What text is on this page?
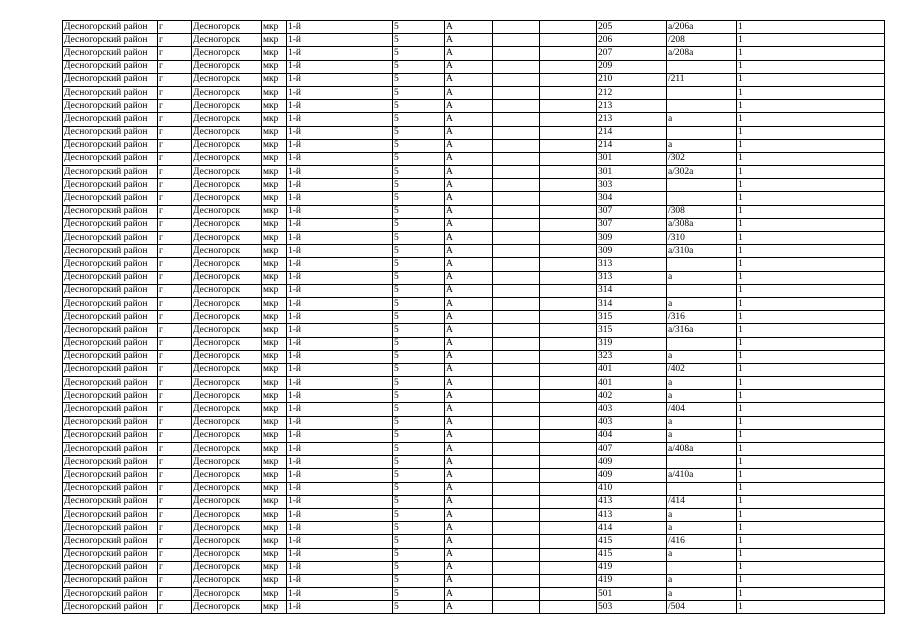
Десногорский район	г	Десногорск	мкр	1-й	5	А			205	а/206а	1
Десногорский район	г	Десногорск	мкр	1-й	5	А			206	/208	1
Десногорский район	г	Десногорск	мкр	1-й	5	А			207	а/208а	1
Десногорский район	г	Десногорск	мкр	1-й	5	А			209		1
Десногорский район	г	Десногорск	мкр	1-й	5	А			210	/211	1
Десногорский район	г	Десногорск	мкр	1-й	5	А			212		1
Десногорский район	г	Десногорск	мкр	1-й	5	А			213		1
Десногорский район	г	Десногорск	мкр	1-й	5	А			213	а	1
Десногорский район	г	Десногорск	мкр	1-й	5	А			214		1
Десногорский район	г	Десногорск	мкр	1-й	5	А			214	а	1
Десногорский район	г	Десногорск	мкр	1-й	5	А			301	/302	1
Десногорский район	г	Десногорск	мкр	1-й	5	А			301	а/302а	1
Десногорский район	г	Десногорск	мкр	1-й	5	А			303		1
Десногорский район	г	Десногорск	мкр	1-й	5	А			304		1
Десногорский район	г	Десногорск	мкр	1-й	5	А			307	/308	1
Десногорский район	г	Десногорск	мкр	1-й	5	А			307	а/308а	1
Десногорский район	г	Десногорск	мкр	1-й	5	А			309	/310	1
Десногорский район	г	Десногорск	мкр	1-й	5	А			309	а/310а	1
Десногорский район	г	Десногорск	мкр	1-й	5	А			313		1
Десногорский район	г	Десногорск	мкр	1-й	5	А			313	а	1
Десногорский район	г	Десногорск	мкр	1-й	5	А			314		1
Десногорский район	г	Десногорск	мкр	1-й	5	А			314	а	1
Десногорский район	г	Десногорск	мкр	1-й	5	А			315	/316	1
Десногорский район	г	Десногорск	мкр	1-й	5	А			315	а/316а	1
Десногорский район	г	Десногорск	мкр	1-й	5	А			319		1
Десногорский район	г	Десногорск	мкр	1-й	5	А			323	а	1
Десногорский район	г	Десногорск	мкр	1-й	5	А			401	/402	1
Десногорский район	г	Десногорск	мкр	1-й	5	А			401	а	1
Десногорский район	г	Десногорск	мкр	1-й	5	А			402	а	1
Десногорский район	г	Десногорск	мкр	1-й	5	А			403	/404	1
Десногорский район	г	Десногорск	мкр	1-й	5	А			403	а	1
Десногорский район	г	Десногорск	мкр	1-й	5	А			404	а	1
Десногорский район	г	Десногорск	мкр	1-й	5	А			407	а/408а	1
Десногорский район	г	Десногорск	мкр	1-й	5	А			409		1
Десногорский район	г	Десногорск	мкр	1-й	5	А			409	а/410а	1
Десногорский район	г	Десногорск	мкр	1-й	5	А			410		1
Десногорский район	г	Десногорск	мкр	1-й	5	А			413	/414	1
Десногорский район	г	Десногорск	мкр	1-й	5	А			413	а	1
Десногорский район	г	Десногорск	мкр	1-й	5	А			414	а	1
Десногорский район	г	Десногорск	мкр	1-й	5	А			415	/416	1
Десногорский район	г	Десногорск	мкр	1-й	5	А			415	а	1
Десногорский район	г	Десногорск	мкр	1-й	5	А			419		1
Десногорский район	г	Десногорск	мкр	1-й	5	А			419	а	1
Десногорский район	г	Десногорск	мкр	1-й	5	А			501	а	1
Десногорский район	г	Десногорск	мкр	1-й	5	А			503	/504	1
